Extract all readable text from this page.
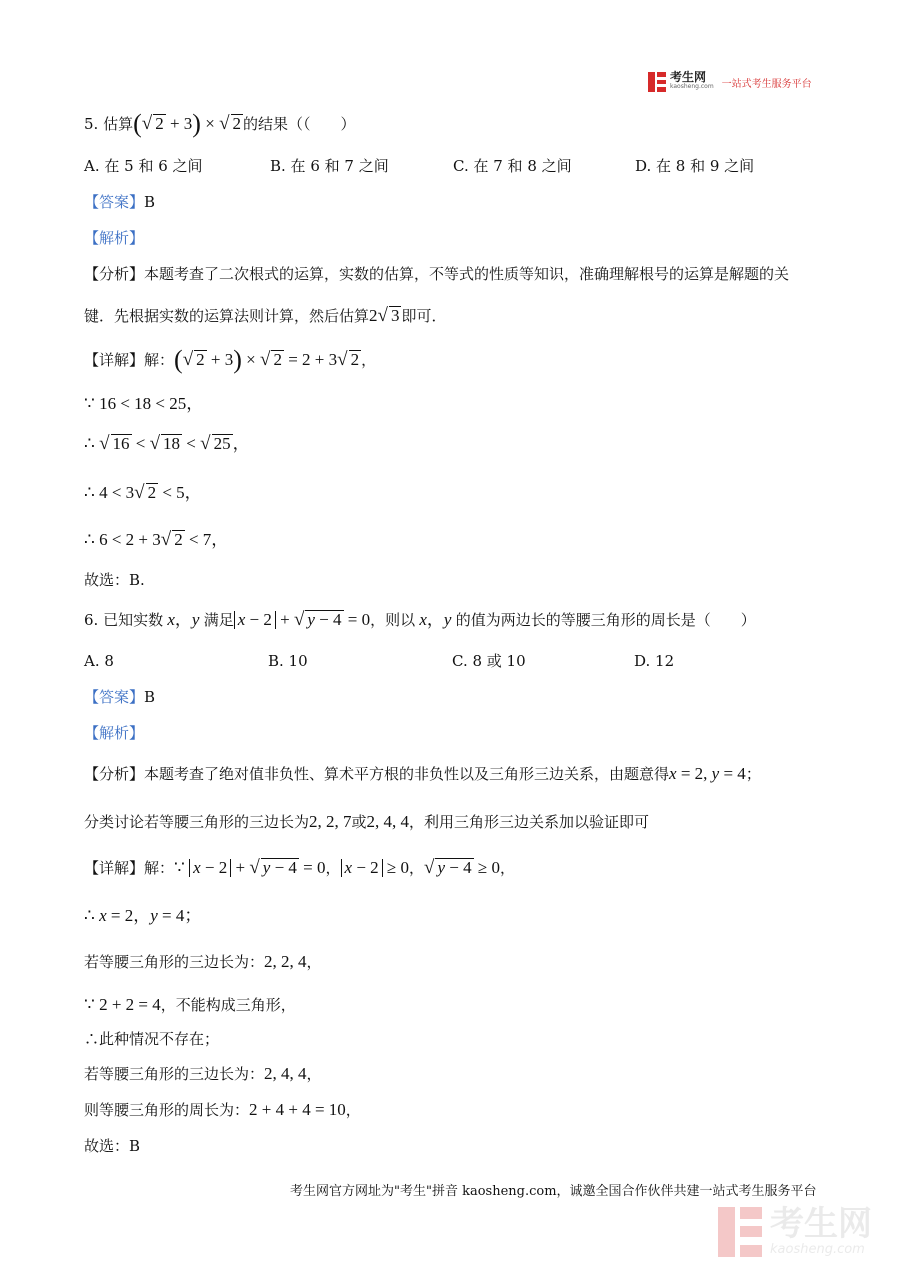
考生网
kaosheng.com 一站式考生服务平台
5. 估算(√ 2 + 3) × √ 2 的结果（（　　）
A. 在 5 和 6 之间	B. 在 6 和 7 之间	C. 在 7 和 8 之间	D. 在 8 和 9 之间
【答案】B
【解析】
【分析】本题考查了二次根式的运算，实数的估算，不等式的性质等知识，准确理解根号的运算是解题的关
键．先根据实数的运算法则计算，然后估算2√ 3 即可．
【详解】解：(√ 2 + 3) × √ 2 = 2 + 3√ 2 ，
∵ 16 < 18 < 25，
∴ √ 16 < √ 18 < √ 25 ，
∴ 4 < 3√ 2 < 5，
∴ 6 < 2 + 3√ 2 < 7，
故选：B.
6. 已知实数 x，y 满足 x − 2 + √ y − 4 = 0，则以 x，y 的值为两边长的等腰三角形的周长是（　　）
A. 8	B. 10	C. 8 或 10	D. 12
【答案】B
【解析】
【分析】本题考查了绝对值非负性、算术平方根的非负性以及三角形三边关系，由题意得x = 2, y = 4；
分类讨论若等腰三角形的三边长为2, 2, 7或2, 4, 4，利用三角形三边关系加以验证即可
【详解】解：∵ x − 2 + √ y − 4 = 0， x − 2 ≥ 0，√ y − 4 ≥ 0，
∴ x = 2，y = 4；
若等腰三角形的三边长为：2, 2, 4，
∵ 2 + 2 = 4，不能构成三角形，
∴此种情况不存在；
若等腰三角形的三边长为：2, 4, 4，
则等腰三角形的周长为：2 + 4 + 4 = 10，
故选：B
考生网官方网址为"考生"拼音 kaosheng.com，诚邀全国合作伙伴共建一站式考生服务平台
考生网
kaosheng.com
